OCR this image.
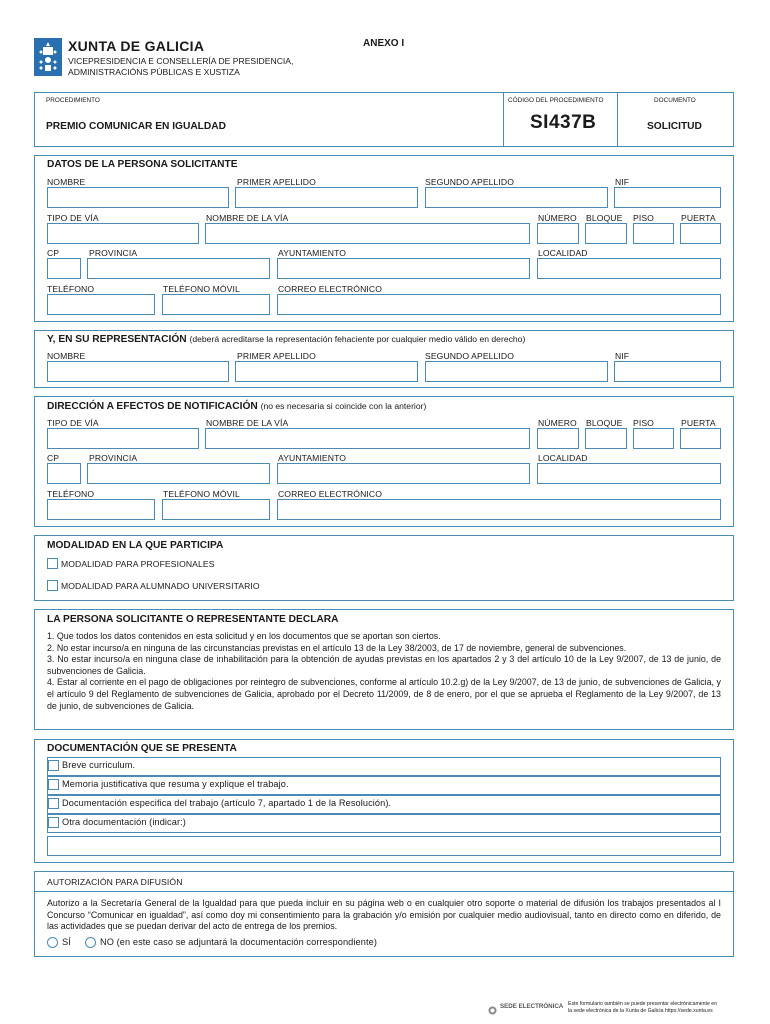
XUNTA DE GALICIA
VICEPRESIDENCIA E CONSELLERÍA DE PRESIDENCIA,
ADMINISTRACIÓNS PÚBLICAS E XUSTIZA
ANEXO I
PROCEDIMIENTO
PREMIO COMUNICAR EN IGUALDAD
CÓDIGO DEL PROCEDIMIENTO
SI437B
DOCUMENTO
SOLICITUD
DATOS DE LA PERSONA SOLICITANTE
NOMBRE	PRIMER APELLIDO	SEGUNDO APELLIDO	NIF
TIPO DE VÍA	NOMBRE DE LA VÍA	NÚMERO BLOQUE PISO	PUERTA
CP	PROVINCIA	AYUNTAMIENTO	LOCALIDAD
TELÉFONO	TELÉFONO MÓVIL	CORREO ELECTRÓNICO
Y, EN SU REPRESENTACIÓN (deberá acreditarse la representación fehaciente por cualquier medio válido en derecho)
NOMBRE	PRIMER APELLIDO	SEGUNDO APELLIDO	NIF
DIRECCIÓN A EFECTOS DE NOTIFICACIÓN (no es necesaria si coincide con la anterior)
TIPO DE VÍA	NOMBRE DE LA VÍA	NÚMERO BLOQUE PISO	PUERTA
CP	PROVINCIA	AYUNTAMIENTO	LOCALIDAD
TELÉFONO	TELÉFONO MÓVIL	CORREO ELECTRÓNICO
MODALIDAD EN LA QUE PARTICIPA
MODALIDAD PARA PROFESIONALES
MODALIDAD PARA ALUMNADO UNIVERSITARIO
LA PERSONA SOLICITANTE O REPRESENTANTE DECLARA

1. Que todos los datos contenidos en esta solicitud y en los documentos que se aportan son ciertos.

2. No estar incurso/a en ninguna de las circunstancias previstas en el artículo 13 de la Ley 38/2003, de 17 de noviembre, general de subvenciones.

3. No estar incurso/a en ninguna clase de inhabilitación para la obtención de ayudas previstas en los apartados 2 y 3 del artículo 10 de la Ley 9/2007, de 13 de junio, de subvenciones de Galicia.

4. Estar al corriente en el pago de obligaciones por reintegro de subvenciones, conforme al artículo 10.2.g) de la Ley 9/2007, de 13 de junio, de subvenciones de Galicia, y el artículo 9 del Reglamento de subvenciones de Galicia, aprobado por el Decreto 11/2009, de 8 de enero, por el que se aprueba el Reglamento de la Ley 9/2007, de 13 de junio, de subvenciones de Galicia.

DOCUMENTACIÓN QUE SE PRESENTA
Breve curriculum.
Memoria justificativa que resuma y explique el trabajo.
Documentación especifica del trabajo (artículo 7, apartado 1 de la Resolución).
Otra documentación (indicar:)
AUTORIZACIÓN PARA DIFUSIÓN
Autorizo a la Secretaría General de la Igualdad para que pueda incluir en su página web o en cualquier otro soporte o material de difusión los trabajos presentados al I Concurso “Comunicar en igualdad”, así como doy mi consentimiento para la grabación y/o emisión por cualquier medio audiovisual, tanto en directo como en diferido, de las actividades que se puedan derivar del acto de entrega de los premios.
SÍ	NO (en este caso se adjuntará la documentación correspondiente)
SEDE ELECTRÓNICA Este formulario también se puede presentar electrónicamente en
la sede electrónica de la Xunta de Galicia https://sede.xunta.es
